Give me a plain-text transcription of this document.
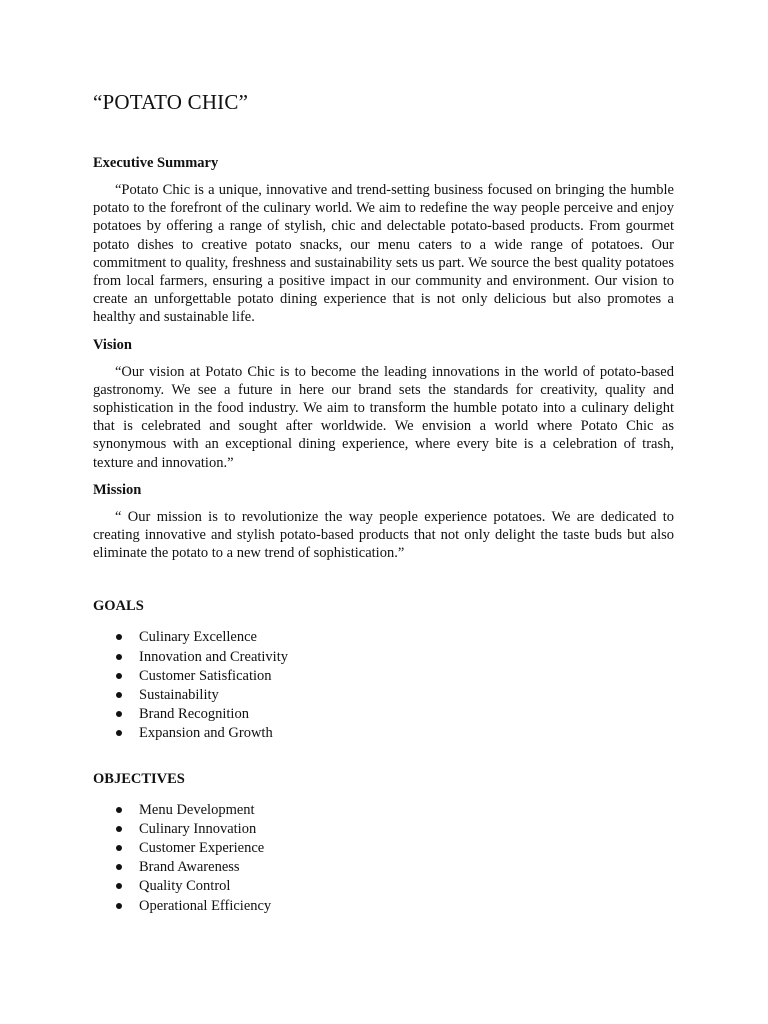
“POTATO CHIC”
Executive Summary

“Potato Chic is a unique, innovative and trend-setting business focused on bringing the humble potato to the forefront of the culinary world. We aim to redefine the way people perceive and enjoy potatoes by offering a range of stylish, chic and delectable potato-based products. From gourmet potato dishes to creative potato snacks, our menu caters to a wide range of potatoes. Our commitment to quality, freshness and sustainability sets us part. We source the best quality potatoes from local farmers, ensuring a positive impact in our community and environment. Our vision to create an unforgettable potato dining experience that is not only delicious but also promotes a healthy and sustainable life.

Vision

“Our vision at Potato Chic is to become the leading innovations in the world of potato-based gastronomy. We see a future in here our brand sets the standards for creativity, quality and sophistication in the food industry. We aim to transform the humble potato into a culinary delight that is celebrated and sought after worldwide. We envision a world where Potato Chic as synonymous with an exceptional dining experience, where every bite is a celebration of trash, texture and innovation.”

Mission

“ Our mission is to revolutionize the way people experience potatoes. We are dedicated to creating innovative and stylish potato-based products that not only delight the taste buds but also eliminate the potato to a new trend of sophistication.”

GOALS
Culinary Excellence
Innovation and Creativity
Customer Satisfication
Sustainability
Brand Recognition
Expansion and Growth
OBJECTIVES
Menu Development
Culinary Innovation
Customer Experience
Brand Awareness
Quality Control
Operational Efficiency
